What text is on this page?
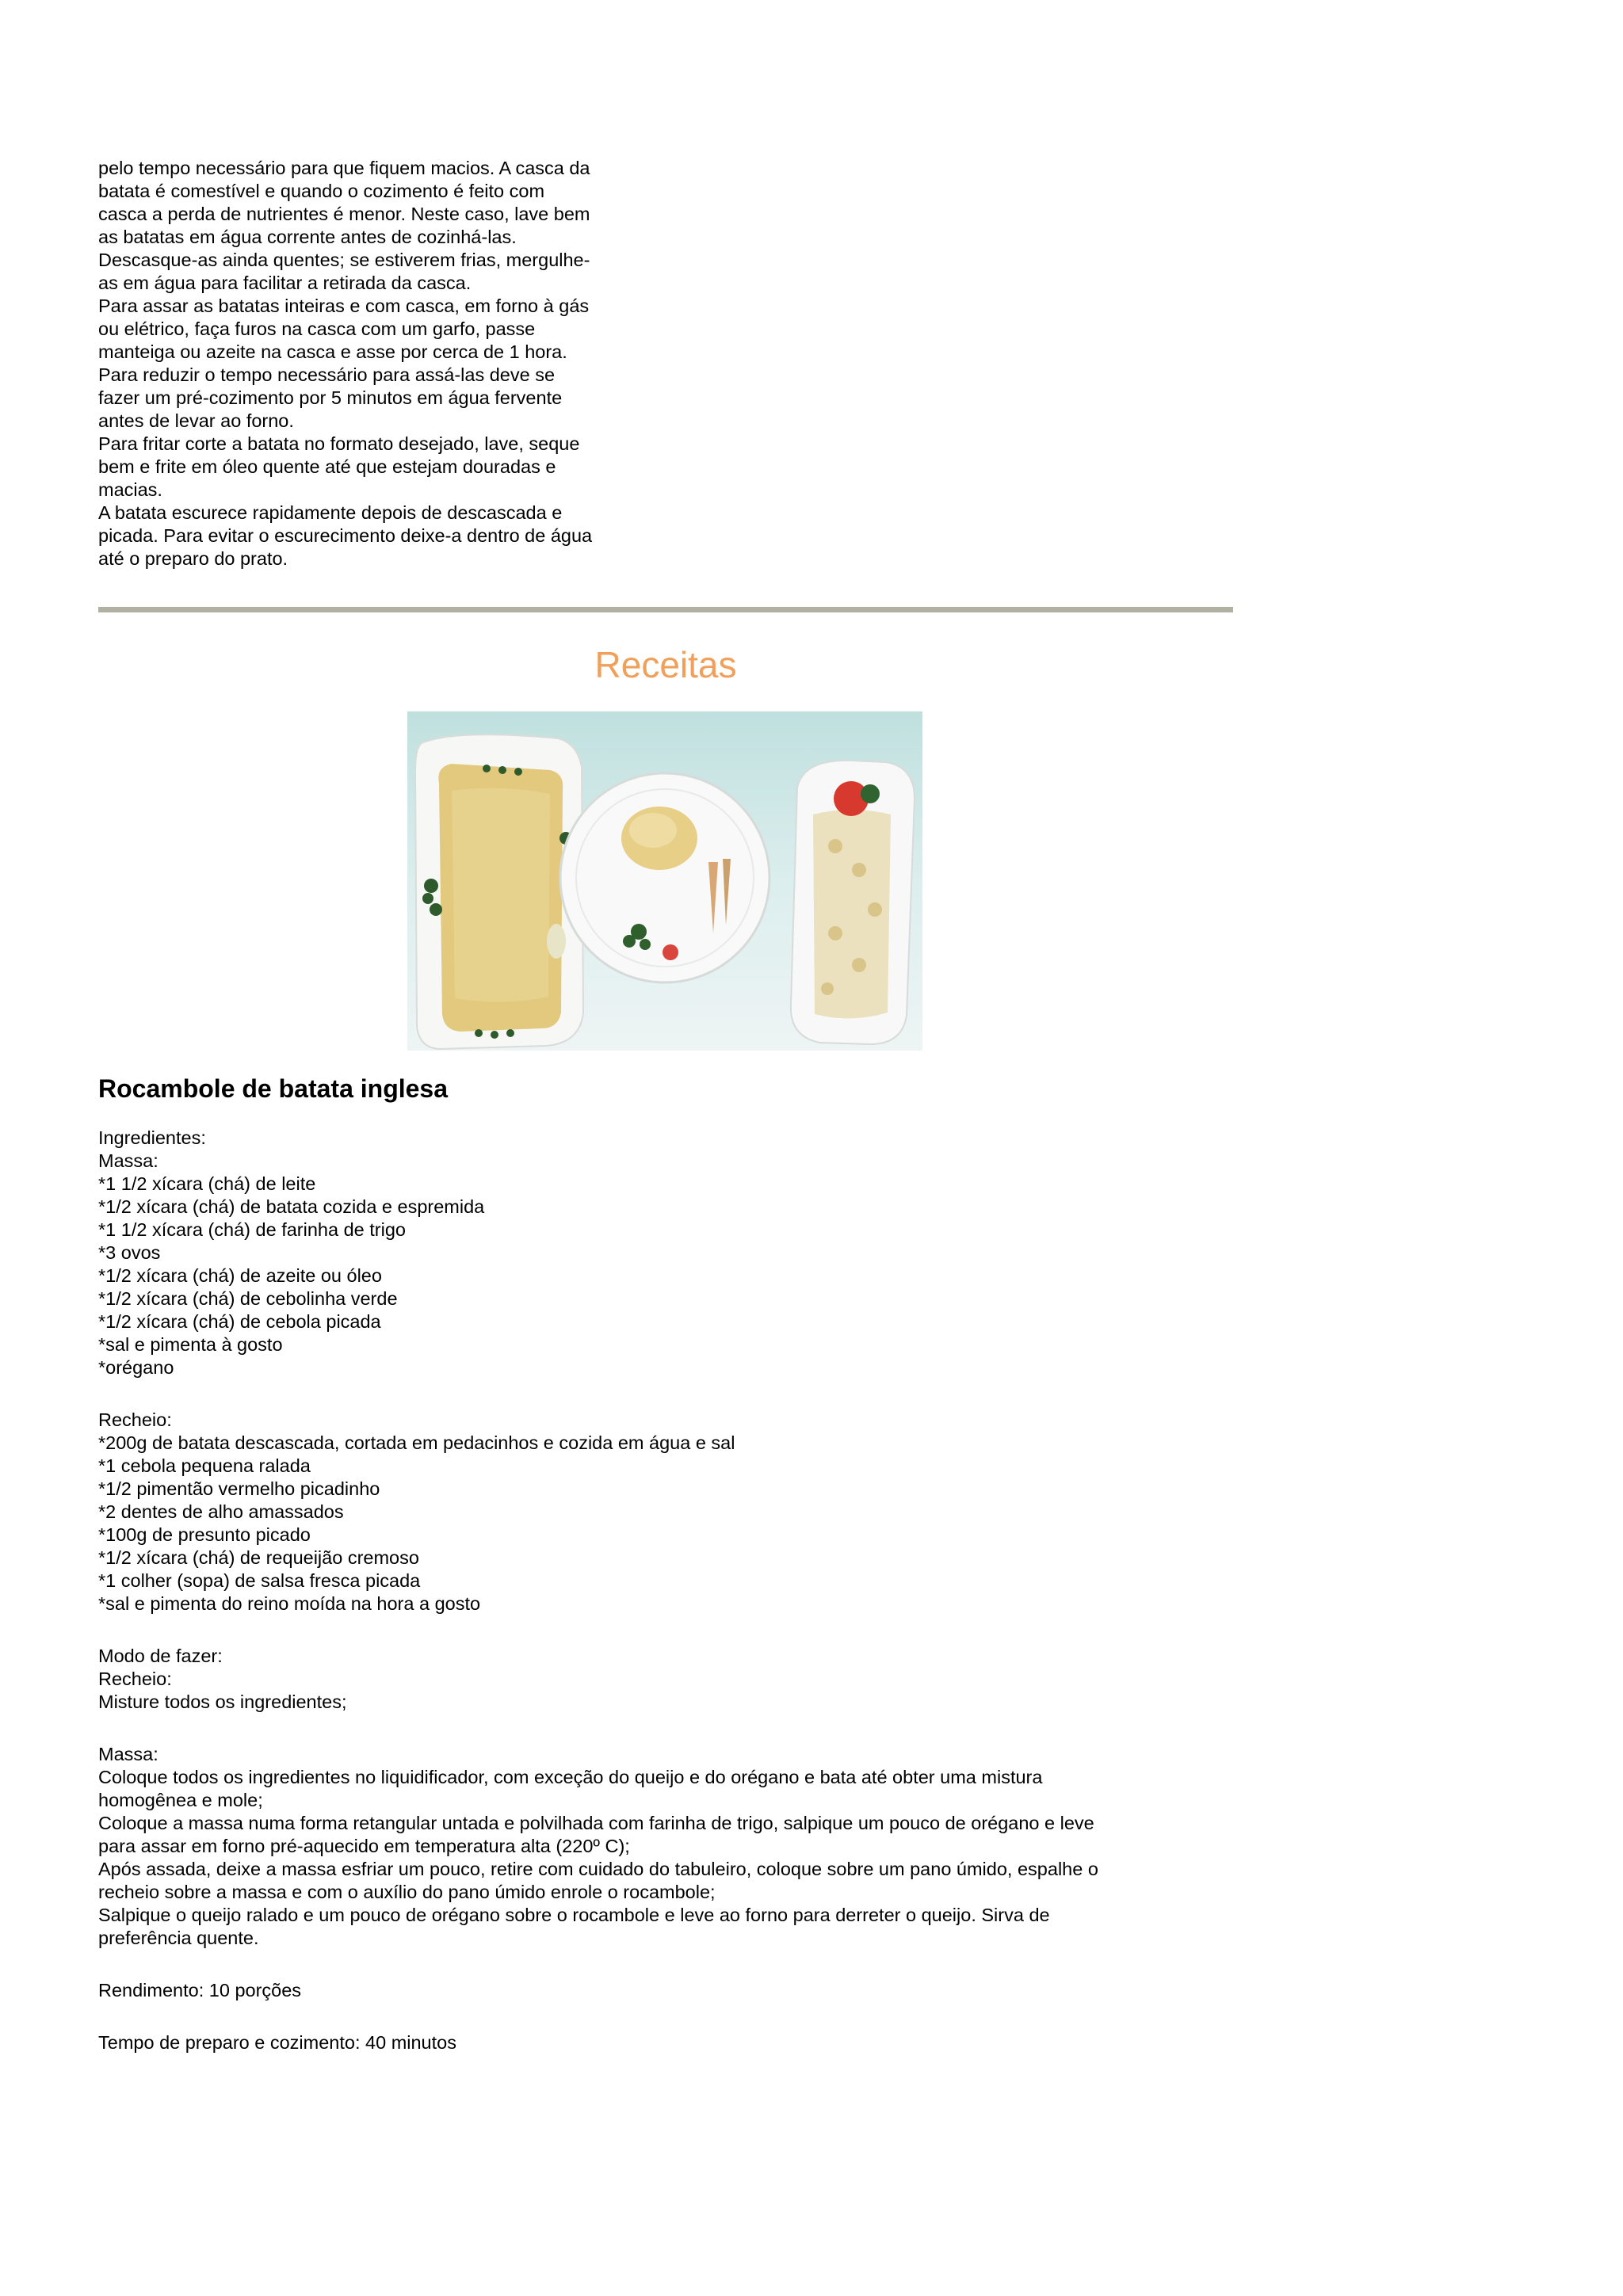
pelo tempo necessário para que fiquem macios. A casca da

batata é comestível e quando o cozimento é feito com

casca a perda de nutrientes é menor. Neste caso, lave bem

as batatas em água corrente antes de cozinhá-las.

Descasque-as ainda quentes; se estiverem frias, mergulhe-

as em água para facilitar a retirada da casca.

Para assar as batatas inteiras e com casca, em forno à gás

ou elétrico, faça furos na casca com um garfo, passe

manteiga ou azeite na casca e asse por cerca de 1 hora.

Para reduzir o tempo necessário para assá-las deve se

fazer um pré-cozimento por 5 minutos em água fervente

antes de levar ao forno.

Para fritar corte a batata no formato desejado, lave, seque

bem e frite em óleo quente até que estejam douradas e

macias.

A batata escurece rapidamente depois de descascada e

picada. Para evitar o escurecimento deixe-a dentro de água

até o preparo do prato.

Receitas
Rocambole de batata inglesa

Ingredientes:

Massa:

*1 1/2 xícara (chá) de leite

*1/2 xícara (chá) de batata cozida e espremida

*1 1/2 xícara (chá) de farinha de trigo

*3 ovos

*1/2 xícara (chá) de azeite ou óleo

*1/2 xícara (chá) de cebolinha verde

*1/2 xícara (chá) de cebola picada

*sal e pimenta à gosto

*orégano

Recheio:

*200g de batata descascada, cortada em pedacinhos e cozida em água e sal

*1 cebola pequena ralada

*1/2 pimentão vermelho picadinho

*2 dentes de alho amassados

*100g de presunto picado

*1/2 xícara (chá) de requeijão cremoso

*1 colher (sopa) de salsa fresca picada

*sal e pimenta do reino moída na hora a gosto

Modo de fazer:

Recheio:

Misture todos os ingredientes;

Massa:

Coloque todos os ingredientes no liquidificador, com exceção do queijo e do orégano e bata até obter uma mistura

homogênea e mole;

Coloque a massa numa forma retangular untada e polvilhada com farinha de trigo, salpique um pouco de orégano e leve

para assar em forno pré-aquecido em temperatura alta (220º C);

Após assada, deixe a massa esfriar um pouco, retire com cuidado do tabuleiro, coloque sobre um pano úmido, espalhe o

recheio sobre a massa e com o auxílio do pano úmido enrole o rocambole;

Salpique o queijo ralado e um pouco de orégano sobre o rocambole e leve ao forno para derreter o queijo. Sirva de

preferência quente.

Rendimento: 10 porções

Tempo de preparo e cozimento: 40 minutos
